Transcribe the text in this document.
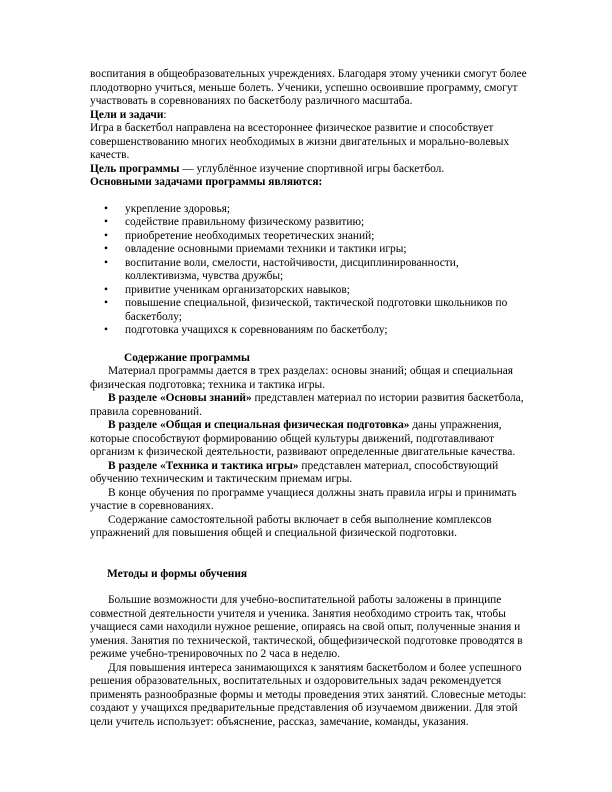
воспитания в общеобразовательных учреждениях. Благодаря этому ученики смогут более плодотворно учиться, меньше болеть. Ученики, успешно освоившие программу, смогут участвовать в соревнованиях по баскетболу различного масштаба.

Цели и задачи:

Игра в баскетбол направлена на всестороннее физическое развитие и способствует совершенствованию многих необходимых в жизни двигательных и морально-волевых качеств.

Цель программы — углублённое изучение спортивной игры баскетбол.

Основными задачами программы являются:

• укрепление здоровья;
• содействие правильному физическому развитию;
• приобретение необходимых теоретических знаний;
• овладение основными приемами техники и тактики игры;
• воспитание воли, смелости, настойчивости, дисциплинированности, коллективизма, чувства дружбы;
• привитие ученикам организаторских навыков;
• повышение специальной, физической, тактической подготовки школьников по баскетболу;
• подготовка учащихся к соревнованиям по баскетболу;

Содержание программы

Материал программы дается в трех разделах: основы знаний; общая и специальная физическая подготовка; техника и тактика игры.

В разделе «Основы знаний» представлен материал по истории развития баскетбола, правила соревнований.

В разделе «Общая и специальная физическая подготовка» даны упражнения, которые способствуют формированию общей культуры движений, подготавливают организм к физической деятельности, развивают определенные двигательные качества.

В разделе «Техника и тактика игры» представлен материал, способствующий обучению техническим и тактическим приемам игры.

В конце обучения по программе учащиеся должны знать правила игры и принимать участие в соревнованиях.

Содержание самостоятельной работы включает в себя выполнение комплексов упражнений для повышения общей и специальной физической подготовки.

Методы и формы обучения

Большие возможности для учебно-воспитательной работы заложены в принципе совместной деятельности учителя и ученика. Занятия необходимо строить так, чтобы учащиеся сами находили нужное решение, опираясь на свой опыт, полученные знания и умения. Занятия по технической, тактической, общефизической подготовке проводятся в режиме учебно-тренировочных по 2 часа в неделю.

Для повышения интереса занимающихся к занятиям баскетболом и более успешного решения образовательных, воспитательных и оздоровительных задач рекомендуется применять разнообразные формы и методы проведения этих занятий. Словесные методы: создают у учащихся предварительные представления об изучаемом движении. Для этой цели учитель использует: объяснение, рассказ, замечание, команды, указания.
